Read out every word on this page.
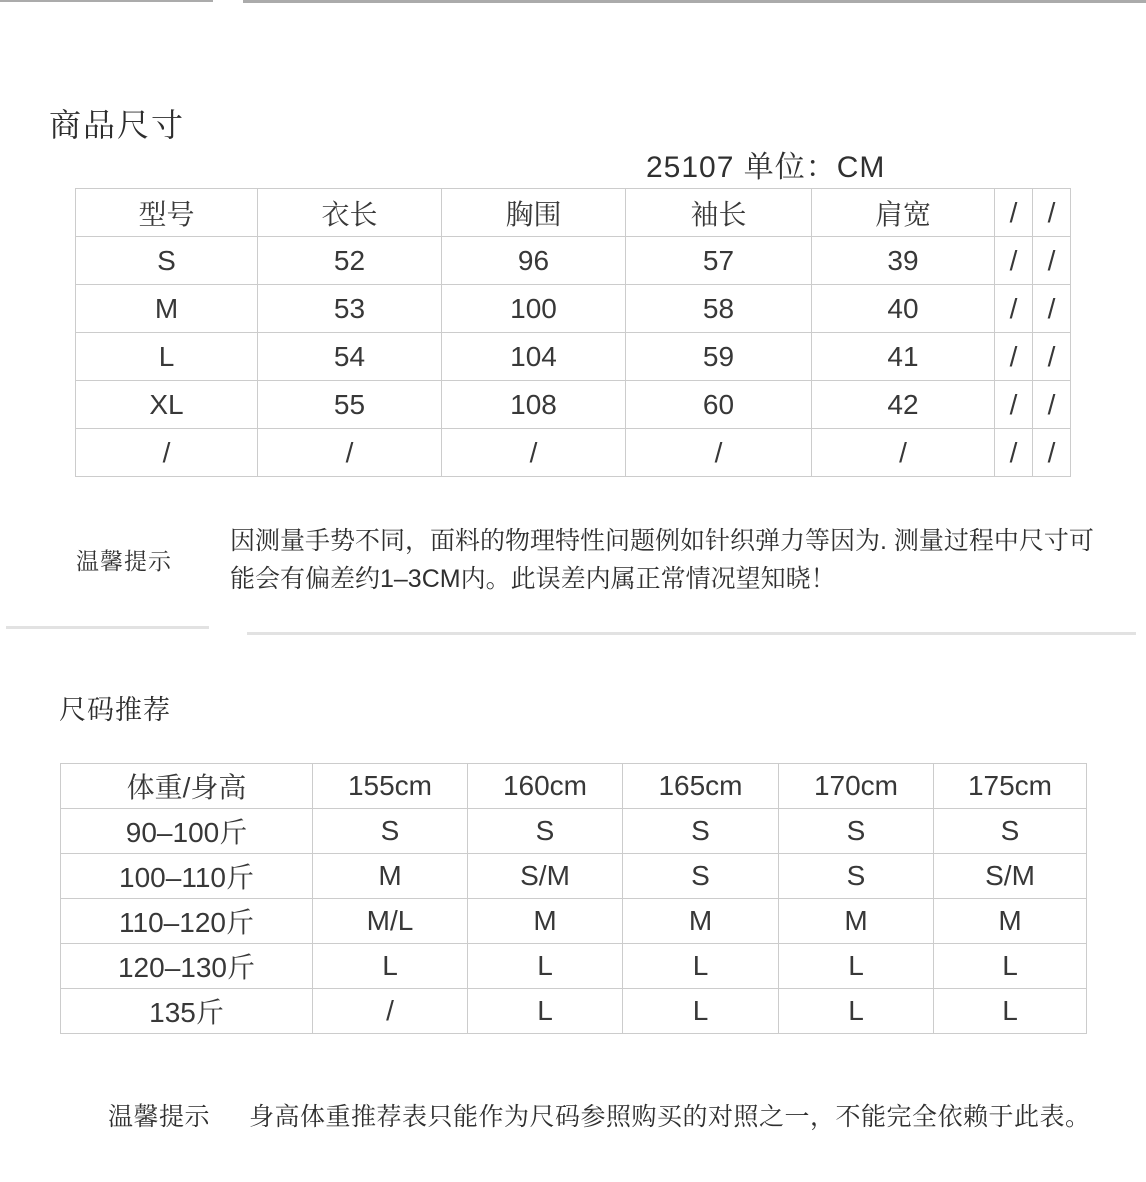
商品尺寸
25107 单位：CM
型号	衣长	胸围	袖长	肩宽	/	/
S	52	96	57	39	/	/
M	53	100	58	40	/	/
L	54	104	59	41	/	/
XL	55	108	60	42	/	/
/	/	/	/	/	/	/
温馨提示
因测量手势不同，面料的物理特性问题例如针织弹力等因为. 测量过程中尺寸可
能会有偏差约1–3CM内。此误差内属正常情况望知晓！
尺码推荐
体重/身高	155cm	160cm	165cm	170cm	175cm
90–100斤	S	S	S	S	S
100–110斤	M	S/M	S	S	S/M
110–120斤	M/L	M	M	M	M
120–130斤	L	L	L	L	L
135斤	/	L	L	L	L
温馨提示 身高体重推荐表只能作为尺码参照购买的对照之一，不能完全依赖于此表。
